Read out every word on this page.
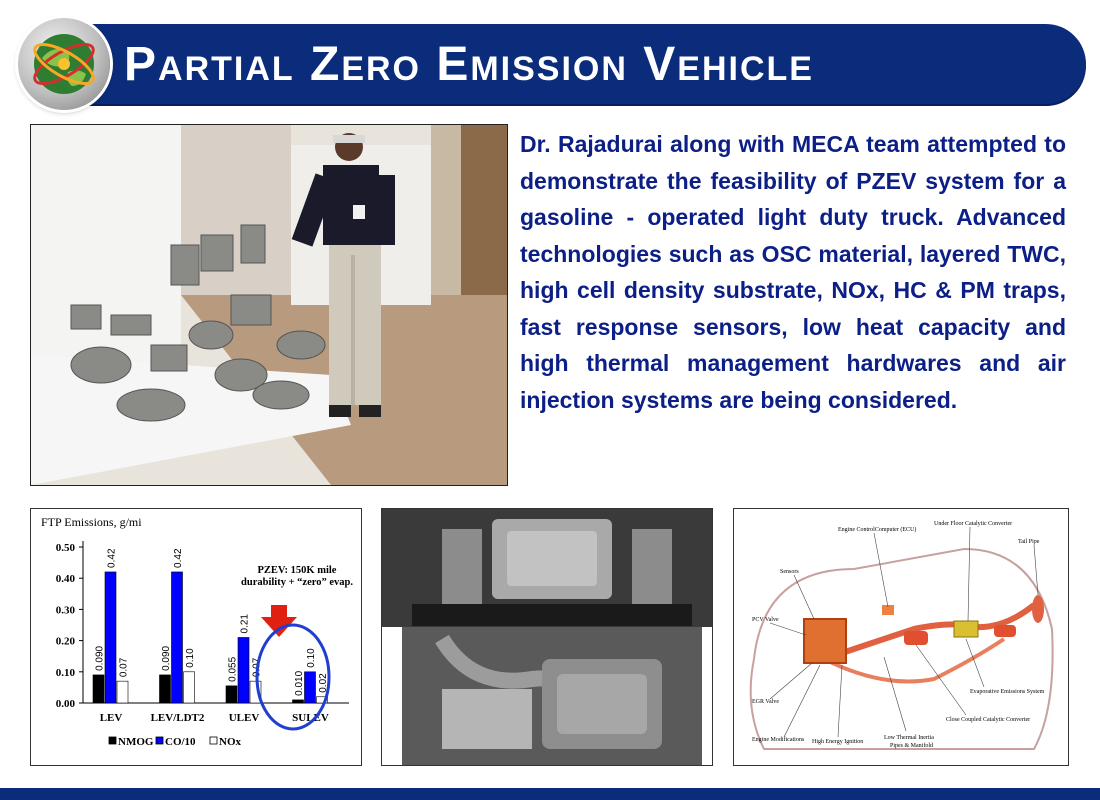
Partial Zero Emission Vehicle
Dr. Rajadurai along with MECA team attempted to demonstrate the feasibility of PZEV system for a gasoline - operated light duty truck. Advanced technologies such as OSC material, layered TWC, high cell density substrate, NOx, HC & PM traps, fast response sensors, low heat capacity and high thermal management hardwares and air injection systems are being considered.
FTP Emissions, g/mi
0.090
0.42
0.07	0.090
0.42
0.10	0.055
0.21
0.07
0.010
0.10
0.02
0.00
0.10
0.20
0.30
0.40
0.50
LEV	LEV/LDT2 ULEV	SULEV
PZEV: 150K mile
durability + “zero” evap.
NMOG CO/10 NOx
Engine ControlComputer (ECU)
Under Floor Catalytic Converter
Tail Pipe
Sensors
PCV Valve
EGR Valve
Engine Modifications High Energy Ignition
Low Thermal Inertia Pipes & Manifold
Close Coupled Catalytic Converter
Evaporative Emissions System
